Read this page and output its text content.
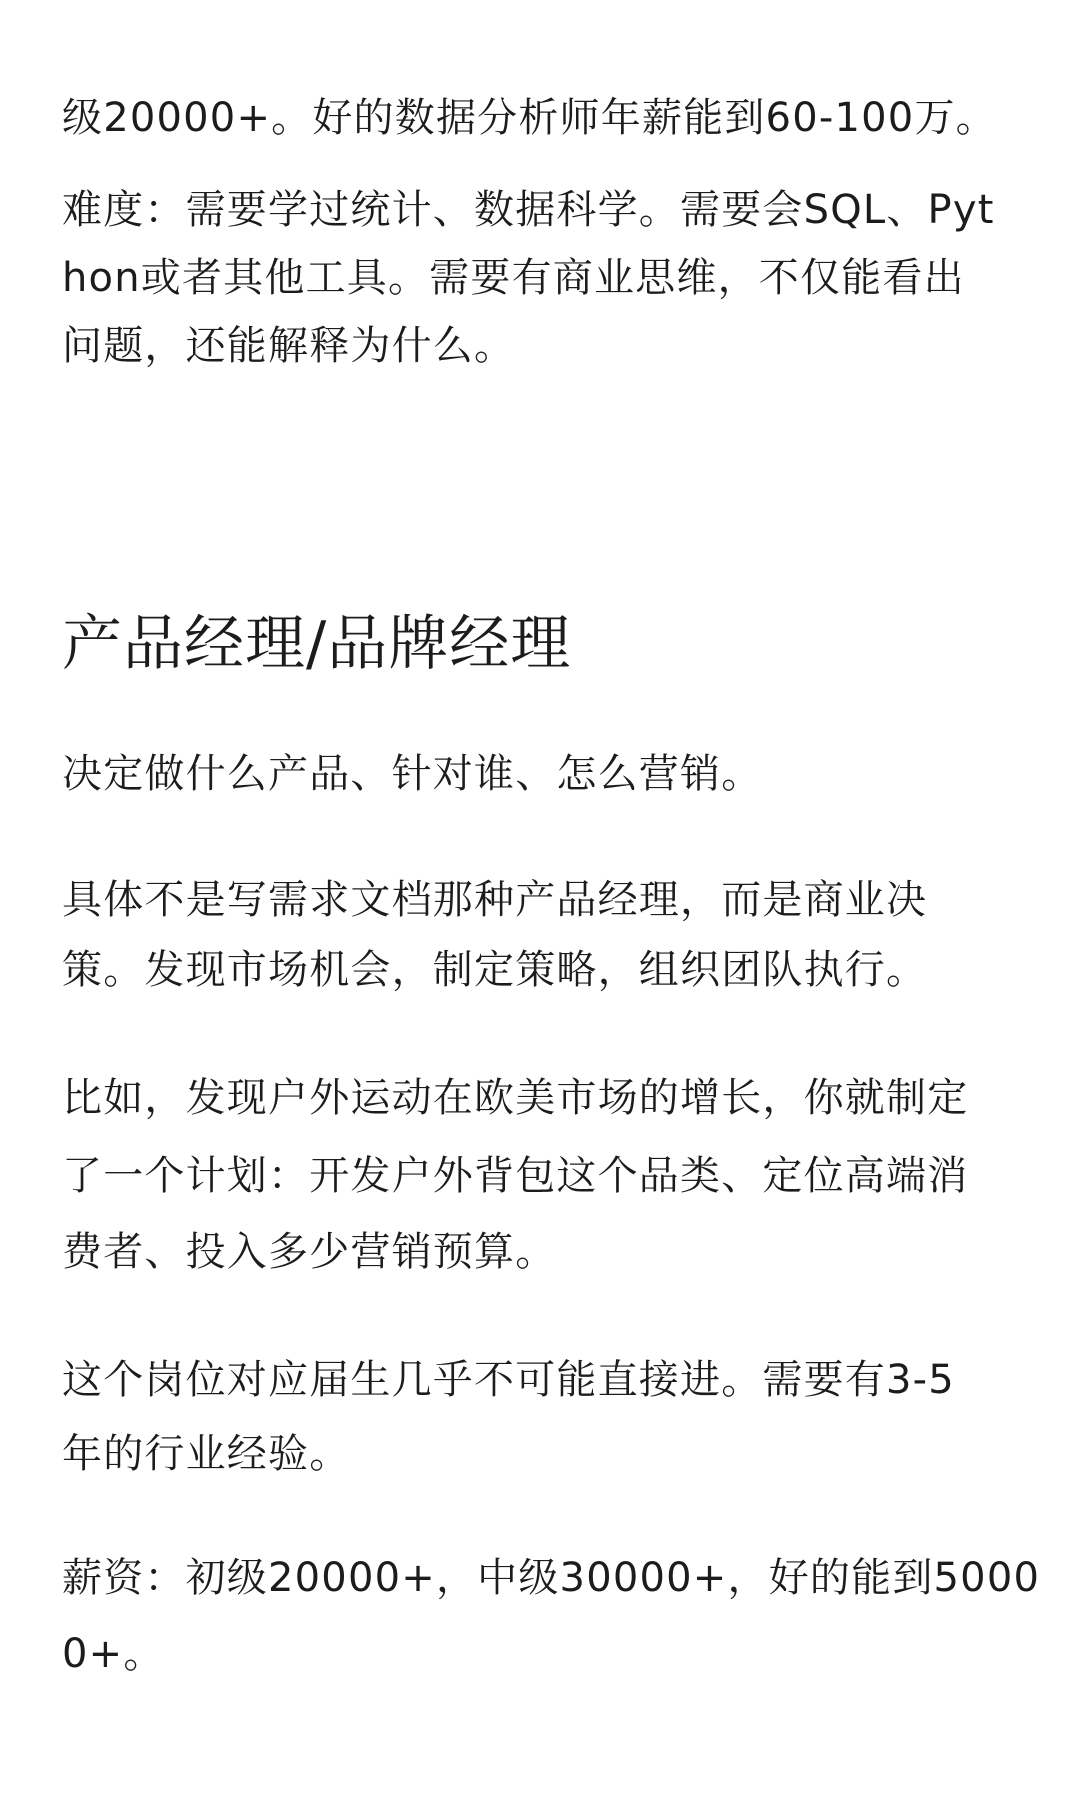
级20000+。好的数据分析师年薪能到60-100万。

难度：需要学过统计、数据科学。需要会SQL、Pyt

hon或者其他工具。需要有商业思维，不仅能看出

问题，还能解释为什么。

产品经理/品牌经理

决定做什么产品、针对谁、怎么营销。

具体不是写需求文档那种产品经理，而是商业决

策。发现市场机会，制定策略，组织团队执行。

比如，发现户外运动在欧美市场的增长，你就制定

了一个计划：开发户外背包这个品类、定位高端消

费者、投入多少营销预算。

这个岗位对应届生几乎不可能直接进。需要有3-5

年的行业经验。

薪资：初级20000+，中级30000+，好的能到5000

0+。
